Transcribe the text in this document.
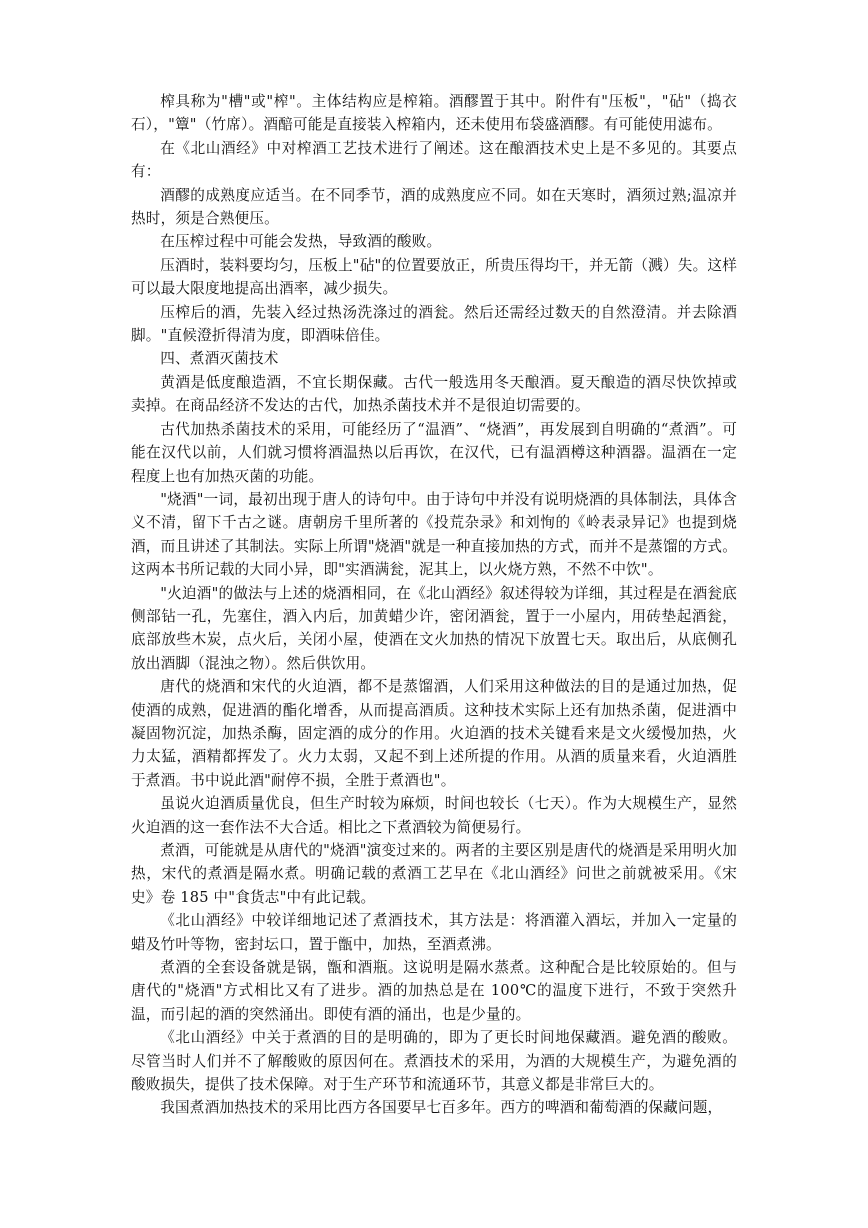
榨具称为"槽"或"榨"。主体结构应是榨箱。酒醪置于其中。附件有"压板"，"砧"（捣衣石），"簟"（竹席）。酒醅可能是直接装入榨箱内，还未使用布袋盛酒醪。有可能使用滤布。

在《北山酒经》中对榨酒工艺技术进行了阐述。这在酿酒技术史上是不多见的。其要点有：

酒醪的成熟度应适当。在不同季节，酒的成熟度应不同。如在天寒时，酒须过熟;温凉并热时，须是合熟便压。

在压榨过程中可能会发热，导致酒的酸败。

压酒时，装料要均匀，压板上"砧"的位置要放正，所贵压得均干，并无箭（溅）失。这样可以最大限度地提高出酒率，减少损失。

压榨后的酒，先装入经过热汤洗涤过的酒瓮。然后还需经过数天的自然澄清。并去除酒脚。"直候澄折得清为度，即酒味倍佳。

四、煮酒灭菌技术

黄酒是低度酿造酒，不宜长期保藏。古代一般选用冬天酿酒。夏天酿造的酒尽快饮掉或卖掉。在商品经济不发达的古代，加热杀菌技术并不是很迫切需要的。

古代加热杀菌技术的采用，可能经历了“温酒”、“烧酒”，再发展到自明确的“煮酒”。可能在汉代以前，人们就习惯将酒温热以后再饮，在汉代，已有温酒樽这种酒器。温酒在一定程度上也有加热灭菌的功能。

"烧酒"一词，最初出现于唐人的诗句中。由于诗句中并没有说明烧酒的具体制法，具体含义不清，留下千古之谜。唐朝房千里所著的《投荒杂录》和刘恂的《岭表录异记》也提到烧酒，而且讲述了其制法。实际上所谓"烧酒"就是一种直接加热的方式，而并不是蒸馏的方式。这两本书所记载的大同小异，即"实酒满瓮，泥其上，以火烧方熟，不然不中饮"。

"火迫酒"的做法与上述的烧酒相同，在《北山酒经》叙述得较为详细，其过程是在酒瓮底侧部钻一孔，先塞住，酒入内后，加黄蜡少许，密闭酒瓮，置于一小屋内，用砖垫起酒瓮，底部放些木炭，点火后，关闭小屋，使酒在文火加热的情况下放置七天。取出后，从底侧孔放出酒脚（混浊之物）。然后供饮用。

唐代的烧酒和宋代的火迫酒，都不是蒸馏酒，人们采用这种做法的目的是通过加热，促使酒的成熟，促进酒的酯化增香，从而提高酒质。这种技术实际上还有加热杀菌，促进酒中凝固物沉淀，加热杀酶，固定酒的成分的作用。火迫酒的技术关键看来是文火缓慢加热，火力太猛，酒精都挥发了。火力太弱，又起不到上述所提的作用。从酒的质量来看，火迫酒胜于煮酒。书中说此酒"耐停不损，全胜于煮酒也"。

虽说火迫酒质量优良，但生产时较为麻烦，时间也较长（七天）。作为大规模生产，显然火迫酒的这一套作法不大合适。相比之下煮酒较为简便易行。

煮酒，可能就是从唐代的"烧酒"演变过来的。两者的主要区别是唐代的烧酒是采用明火加热，宋代的煮酒是隔水煮。明确记载的煮酒工艺早在《北山酒经》问世之前就被采用。《宋史》卷 185 中"食货志"中有此记载。

《北山酒经》中较详细地记述了煮酒技术，其方法是：将酒灌入酒坛，并加入一定量的蜡及竹叶等物，密封坛口，置于甑中，加热，至酒煮沸。

煮酒的全套设备就是锅，甑和酒瓶。这说明是隔水蒸煮。这种配合是比较原始的。但与唐代的"烧酒"方式相比又有了进步。酒的加热总是在 100℃的温度下进行，不致于突然升温，而引起的酒的突然涌出。即使有酒的涌出，也是少量的。

《北山酒经》中关于煮酒的目的是明确的，即为了更长时间地保藏酒。避免酒的酸败。尽管当时人们并不了解酸败的原因何在。煮酒技术的采用，为酒的大规模生产，为避免酒的酸败损失，提供了技术保障。对于生产环节和流通环节，其意义都是非常巨大的。

我国煮酒加热技术的采用比西方各国要早七百多年。西方的啤酒和葡萄酒的保藏问题，
